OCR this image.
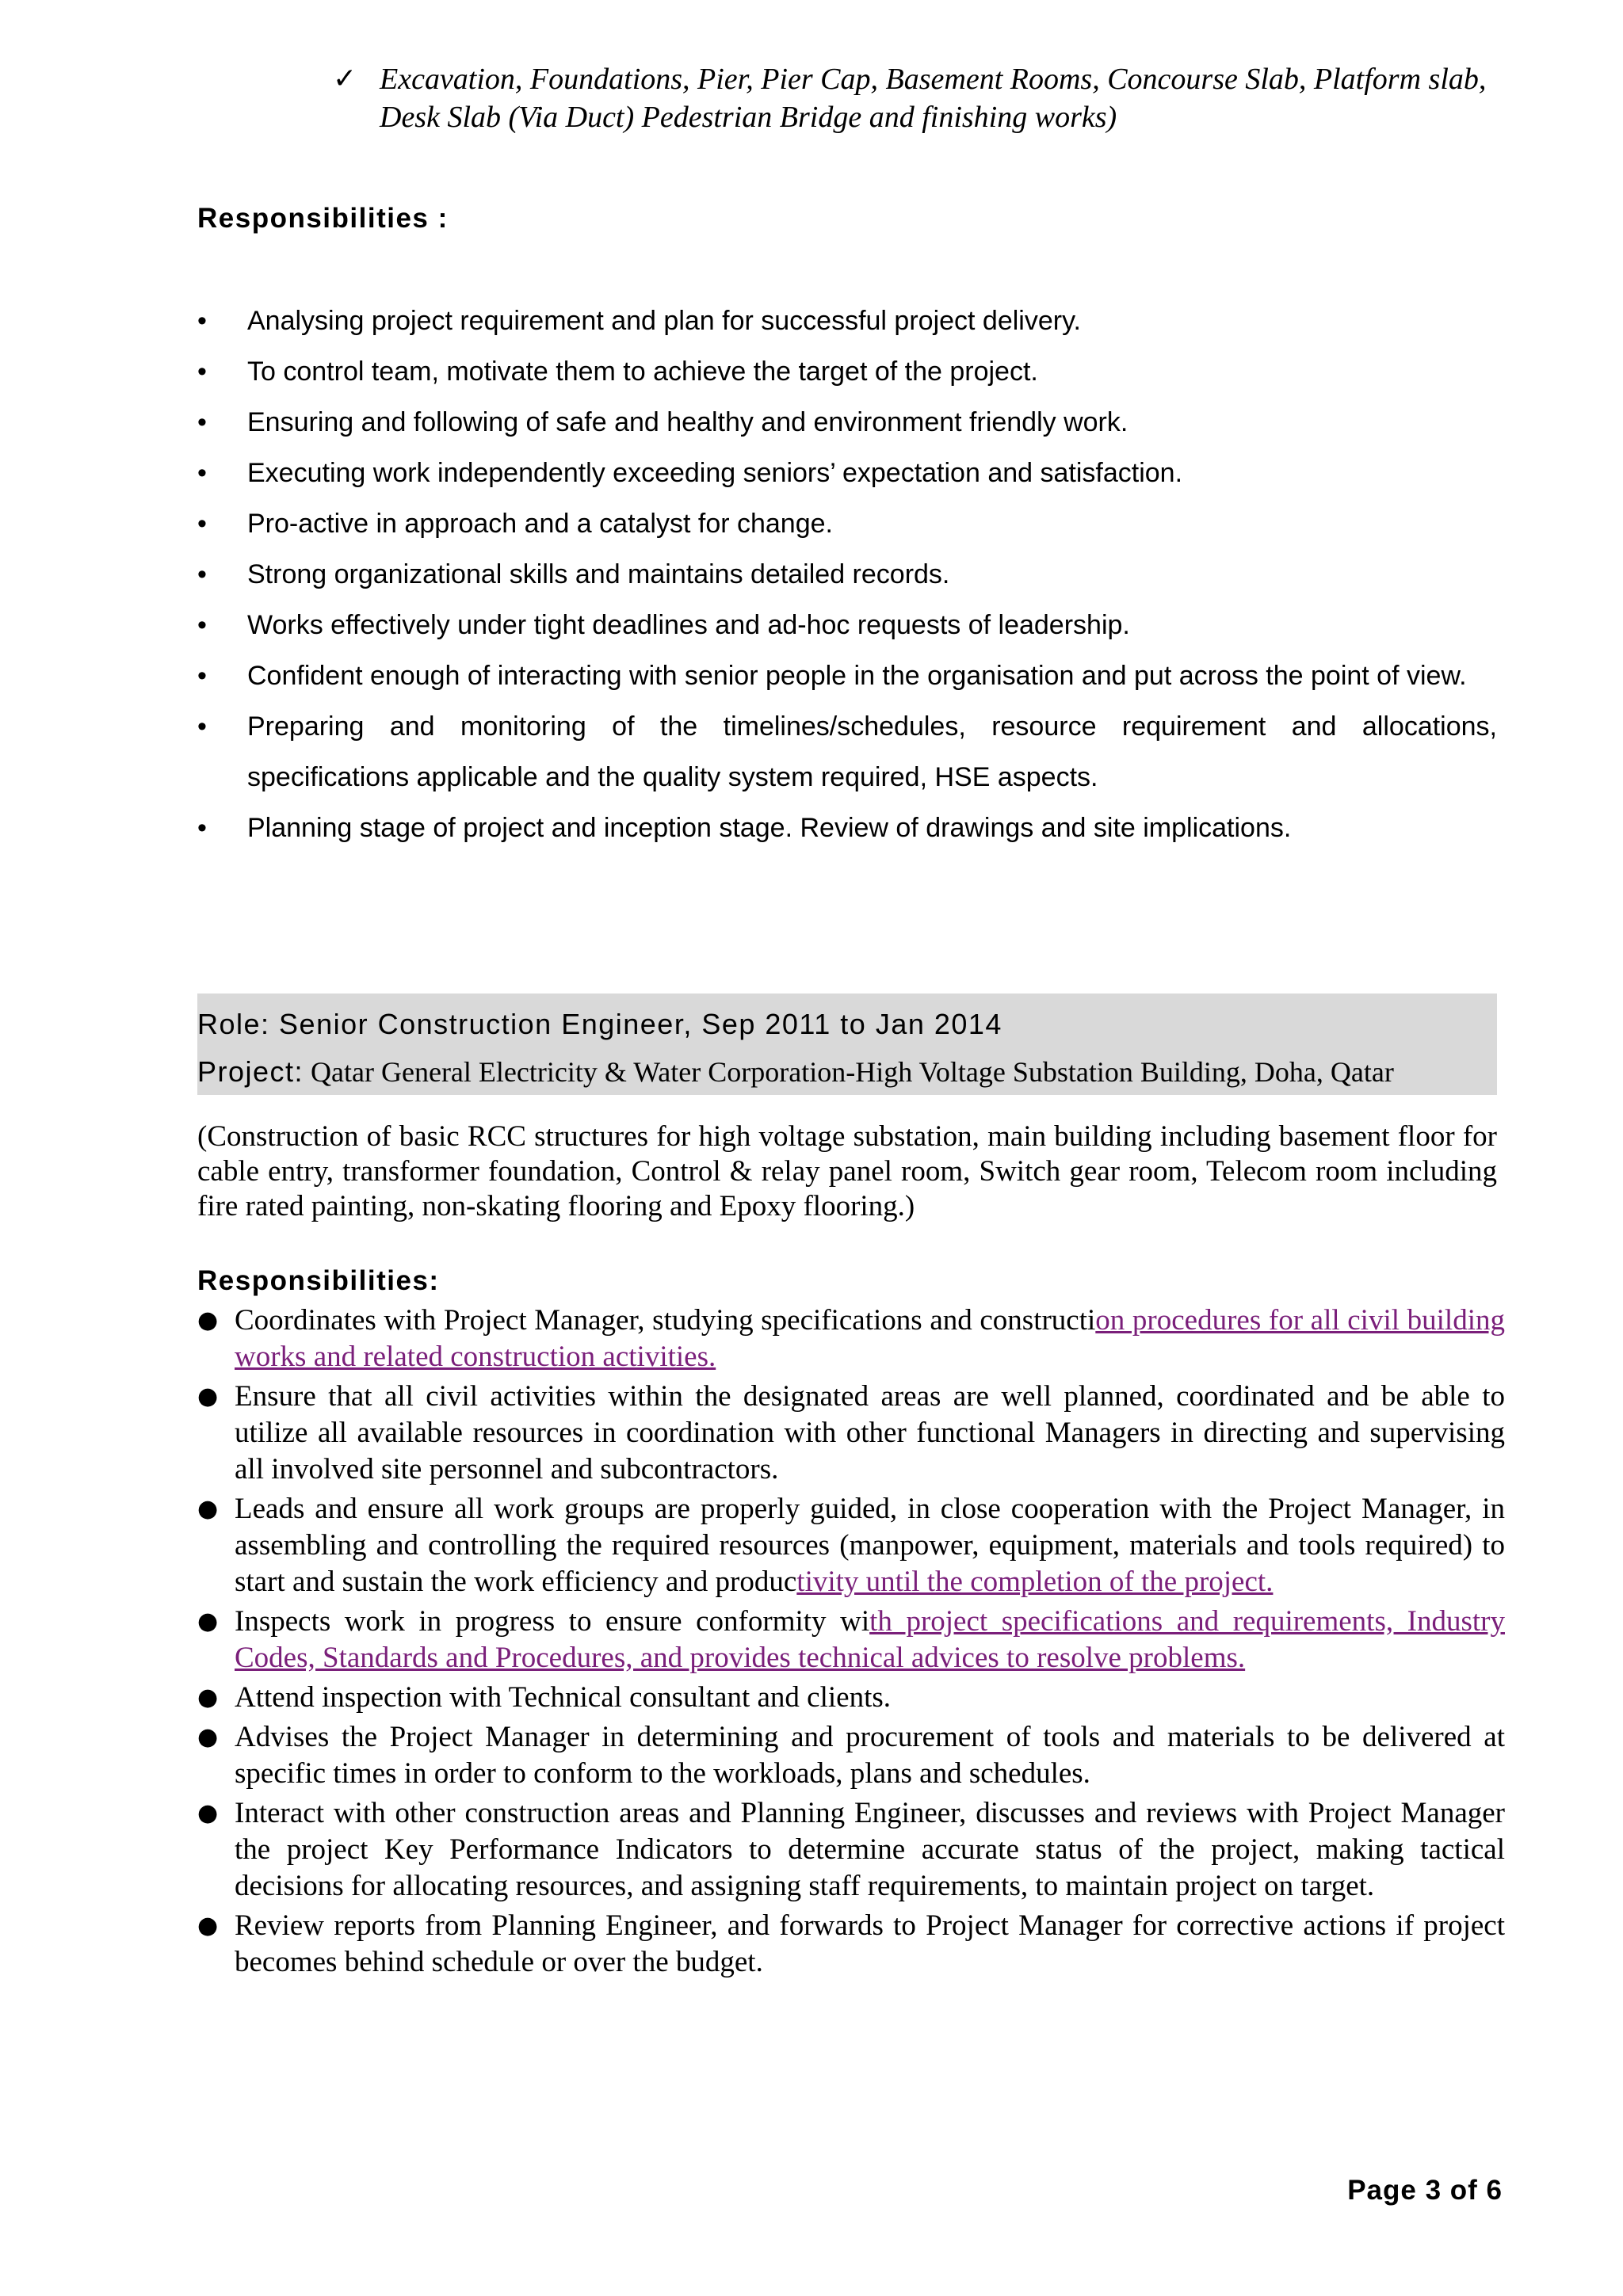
✓ Excavation, Foundations, Pier, Pier Cap, Basement Rooms, Concourse Slab, Platform slab, Desk Slab (Via Duct) Pedestrian Bridge and finishing works)
Responsibilities :
• Analysing project requirement and plan for successful project delivery.
• To control team, motivate them to achieve the target of the project.
• Ensuring and following of safe and healthy and environment friendly work.
• Executing work independently exceeding seniors’ expectation and satisfaction.
• Pro-active in approach and a catalyst for change.
• Strong organizational skills and maintains detailed records.
• Works effectively under tight deadlines and ad-hoc requests of leadership.
• Confident enough of interacting with senior people in the organisation and put across the point of view.
• Preparing and monitoring of the timelines/schedules, resource requirement and allocations, specifications applicable and the quality system required, HSE aspects.
• Planning stage of project and inception stage. Review of drawings and site implications.
Role: Senior Construction Engineer, Sep 2011 to Jan 2014
Project: Qatar General Electricity & Water Corporation-High Voltage Substation Building, Doha, Qatar
(Construction of basic RCC structures for high voltage substation, main building including basement floor for cable entry, transformer foundation, Control & relay panel room, Switch gear room, Telecom room including fire rated painting, non-skating flooring and Epoxy flooring.)
Responsibilities:
● Coordinates with Project Manager, studying specifications and construction procedures for all civil building works and related construction activities.
● Ensure that all civil activities within the designated areas are well planned, coordinated and be able to utilize all available resources in coordination with other functional Managers in directing and supervising all involved site personnel and subcontractors.
● Leads and ensure all work groups are properly guided, in close cooperation with the Project Manager, in assembling and controlling the required resources (manpower, equipment, materials and tools required) to start and sustain the work efficiency and productivity until the completion of the project.
● Inspects work in progress to ensure conformity with project specifications and requirements, Industry Codes, Standards and Procedures, and provides technical advices to resolve problems.
● Attend inspection with Technical consultant and clients.
● Advises the Project Manager in determining and procurement of tools and materials to be delivered at specific times in order to conform to the workloads, plans and schedules.
● Interact with other construction areas and Planning Engineer, discusses and reviews with Project Manager the project Key Performance Indicators to determine accurate status of the project, making tactical decisions for allocating resources, and assigning staff requirements, to maintain project on target.
● Review reports from Planning Engineer, and forwards to Project Manager for corrective actions if project becomes behind schedule or over the budget.
Page 3 of 6
